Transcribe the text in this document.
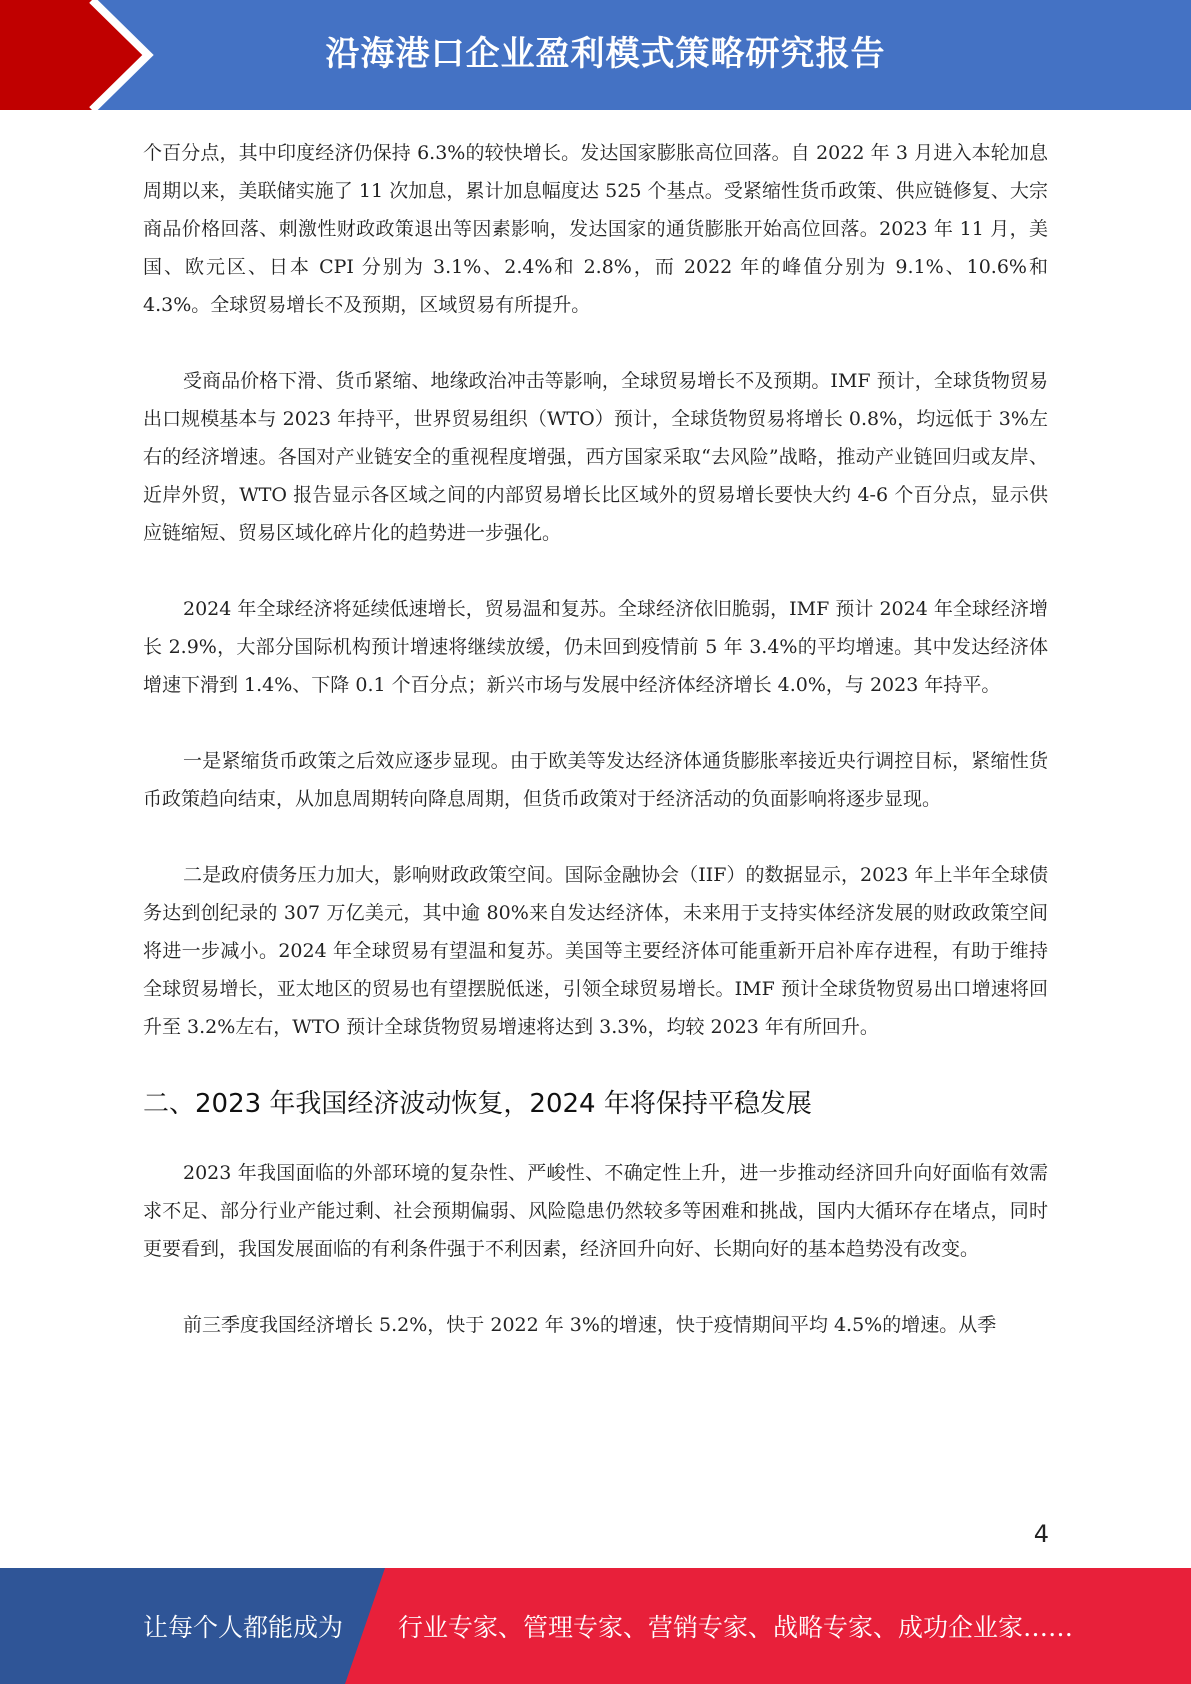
沿海港口企业盈利模式策略研究报告

个百分点，其中印度经济仍保持 6.3%的较快增长。发达国家膨胀高位回落。自 2022 年 3 月进入本轮加息周期以来，美联储实施了 11 次加息，累计加息幅度达 525 个基点。受紧缩性货币政策、供应链修复、大宗商品价格回落、刺激性财政政策退出等因素影响，发达国家的通货膨胀开始高位回落。2023 年 11 月，美国、欧元区、日本 CPI 分别为 3.1%、2.4%和 2.8%，而 2022 年的峰值分别为 9.1%、10.6%和 4.3%。全球贸易增长不及预期，区域贸易有所提升。

受商品价格下滑、货币紧缩、地缘政治冲击等影响，全球贸易增长不及预期。IMF 预计，全球货物贸易出口规模基本与 2023 年持平，世界贸易组织（WTO）预计，全球货物贸易将增长 0.8%，均远低于 3%左右的经济增速。各国对产业链安全的重视程度增强，西方国家采取“去风险”战略，推动产业链回归或友岸、近岸外贸，WTO 报告显示各区域之间的内部贸易增长比区域外的贸易增长要快大约 4-6 个百分点，显示供应链缩短、贸易区域化碎片化的趋势进一步强化。

2024 年全球经济将延续低速增长，贸易温和复苏。全球经济依旧脆弱，IMF 预计 2024 年全球经济增长 2.9%，大部分国际机构预计增速将继续放缓，仍未回到疫情前 5 年 3.4%的平均增速。其中发达经济体增速下滑到 1.4%、下降 0.1 个百分点；新兴市场与发展中经济体经济增长 4.0%，与 2023 年持平。

一是紧缩货币政策之后效应逐步显现。由于欧美等发达经济体通货膨胀率接近央行调控目标，紧缩性货币政策趋向结束，从加息周期转向降息周期，但货币政策对于经济活动的负面影响将逐步显现。

二是政府债务压力加大，影响财政政策空间。国际金融协会（IIF）的数据显示，2023 年上半年全球债务达到创纪录的 307 万亿美元，其中逾 80%来自发达经济体，未来用于支持实体经济发展的财政政策空间将进一步减小。2024 年全球贸易有望温和复苏。美国等主要经济体可能重新开启补库存进程，有助于维持全球贸易增长，亚太地区的贸易也有望摆脱低迷，引领全球贸易增长。IMF 预计全球货物贸易出口增速将回升至 3.2%左右，WTO 预计全球货物贸易增速将达到 3.3%，均较 2023 年有所回升。

二、2023 年我国经济波动恢复，2024 年将保持平稳发展

2023 年我国面临的外部环境的复杂性、严峻性、不确定性上升，进一步推动经济回升向好面临有效需求不足、部分行业产能过剩、社会预期偏弱、风险隐患仍然较多等困难和挑战，国内大循环存在堵点，同时更要看到，我国发展面临的有利条件强于不利因素，经济回升向好、长期向好的基本趋势没有改变。

前三季度我国经济增长 5.2%，快于 2022 年 3%的增速，快于疫情期间平均 4.5%的增速。从季

4
让每个人都能成为 行业专家、管理专家、营销专家、战略专家、成功企业家……
